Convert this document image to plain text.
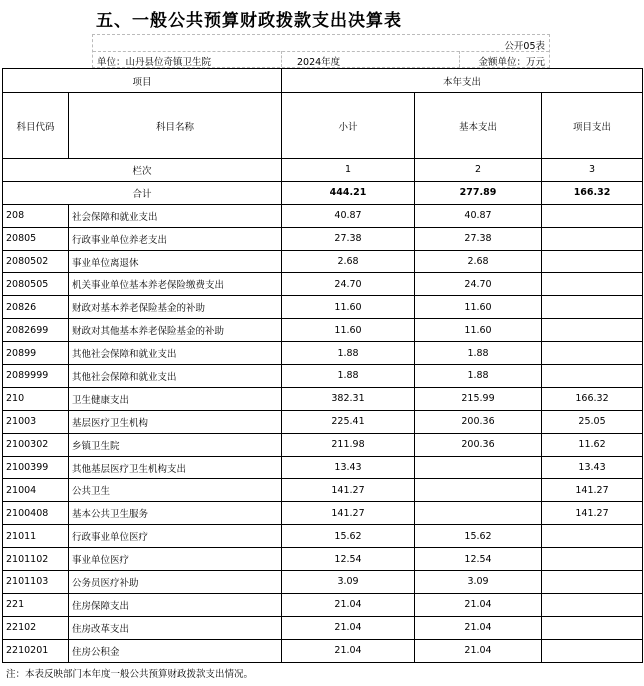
五、一般公共预算财政拨款支出决算表
公开05表
单位：山丹县位奇镇卫生院	2024年度	金额单位：万元
项目		本年支出		
科目代码	科目名称	小计	基本支出	项目支出
栏次		1	2	3
合计		444.21	277.89	166.32
208	社会保障和就业支出	40.87	40.87	
20805	行政事业单位养老支出	27.38	27.38	
2080502	事业单位离退休	2.68	2.68	
2080505	机关事业单位基本养老保险缴费支出	24.70	24.70	
20826	财政对基本养老保险基金的补助	11.60	11.60	
2082699	财政对其他基本养老保险基金的补助	11.60	11.60	
20899	其他社会保障和就业支出	1.88	1.88	
2089999	其他社会保障和就业支出	1.88	1.88	
210	卫生健康支出	382.31	215.99	166.32
21003	基层医疗卫生机构	225.41	200.36	25.05
2100302	乡镇卫生院	211.98	200.36	11.62
2100399	其他基层医疗卫生机构支出	13.43		13.43
21004	公共卫生	141.27		141.27
2100408	基本公共卫生服务	141.27		141.27
21011	行政事业单位医疗	15.62	15.62	
2101102	事业单位医疗	12.54	12.54	
2101103	公务员医疗补助	3.09	3.09	
221	住房保障支出	21.04	21.04	
22102	住房改革支出	21.04	21.04	
2210201	住房公积金	21.04	21.04	
注：本表反映部门本年度一般公共预算财政拨款支出情况。
